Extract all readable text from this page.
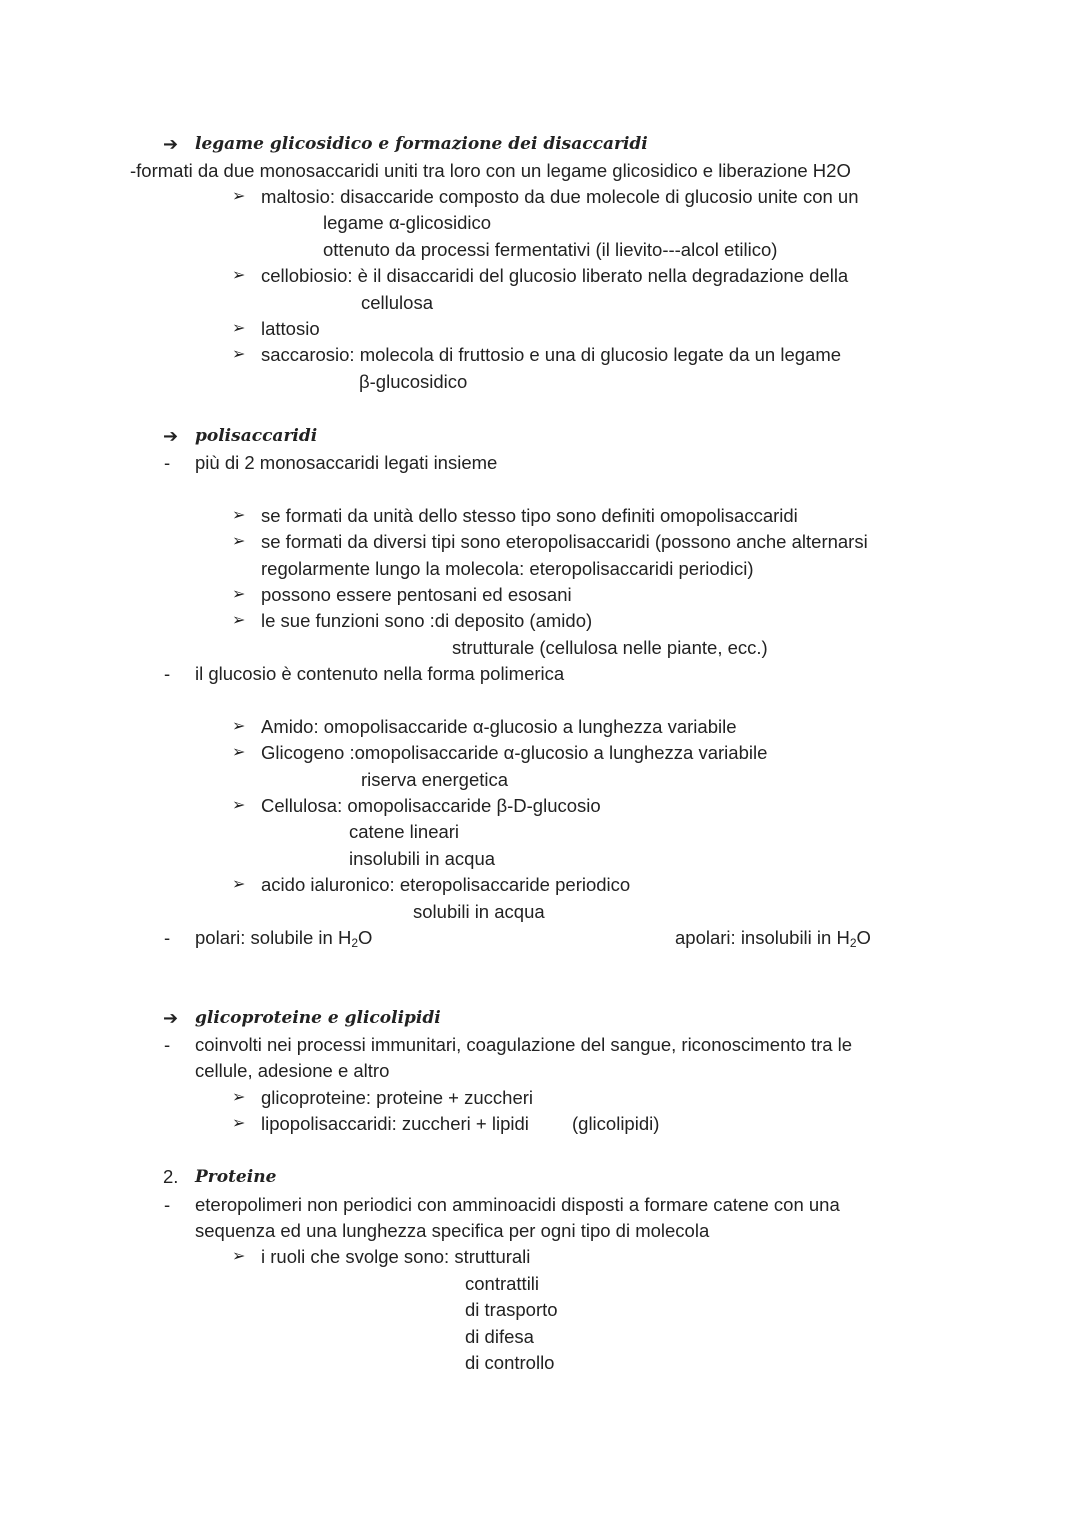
➔ legame glicosidico e formazione dei disaccaridi
-formati da due monosaccaridi uniti tra loro con un legame glicosidico e liberazione H2O
➢ maltosio: disaccaride composto da due molecole di glucosio unite con un
legame α-glicosidico
ottenuto da processi fermentativi (il lievito---alcol etilico)
➢ cellobiosio: è il disaccaridi del glucosio liberato nella degradazione della
cellulosa
➢ lattosio
➢ saccarosio: molecola di fruttosio e una di glucosio legate da un legame
β-glucosidico
➔ polisaccaridi
- più di 2 monosaccaridi legati insieme
➢ se formati da unità dello stesso tipo sono definiti omopolisaccaridi
➢ se formati da diversi tipi sono eteropolisaccaridi (possono anche alternarsi
regolarmente lungo la molecola: eteropolisaccaridi periodici)
➢ possono essere pentosani ed esosani
➢ le sue funzioni sono :di deposito (amido)
strutturale (cellulosa nelle piante, ecc.)
- il glucosio è contenuto nella forma polimerica
➢ Amido: omopolisaccaride α-glucosio a lunghezza variabile
➢ Glicogeno :omopolisaccaride α-glucosio a lunghezza variabile
riserva energetica
➢ Cellulosa: omopolisaccaride β-D-glucosio
catene lineari
insolubili in acqua
➢ acido ialuronico: eteropolisaccaride periodico
solubili in acqua
- polari: solubile in $H_2O$	apolari: insolubili in $H_2O$
➔ glicoproteine e glicolipidi
- coinvolti nei processi immunitari, coagulazione del sangue, riconoscimento tra le
cellule, adesione e altro
➢ glicoproteine: proteine + zuccheri
➢ lipopolisaccaridi: zuccheri + lipidi (glicolipidi)
2. Proteine
- eteropolimeri non periodici con amminoacidi disposti a formare catene con una
sequenza ed una lunghezza specifica per ogni tipo di molecola
➢ i ruoli che svolge sono: strutturali
contrattili
di trasporto
di difesa
di controllo
